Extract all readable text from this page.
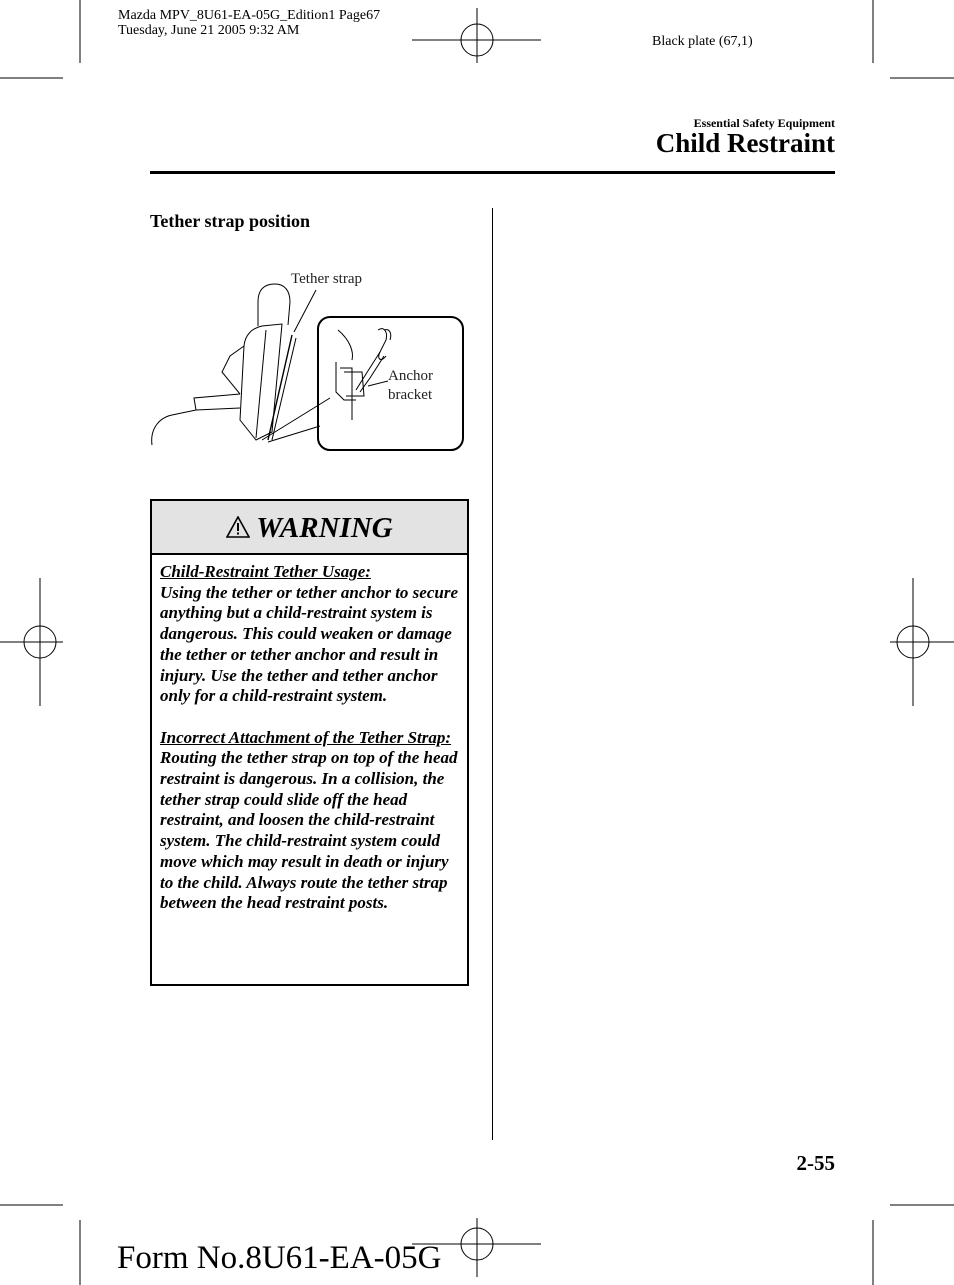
Mazda MPV_8U61-EA-05G_Edition1 Page67
Tuesday, June 21 2005 9:32 AM
Black plate (67,1)
Essential Safety Equipment
Child Restraint
Tether strap position
Tether strap
Anchor
bracket
WARNING

Child-Restraint Tether Usage:

Using the tether or tether anchor to secure anything but a child-restraint system is dangerous. This could weaken or damage the tether or tether anchor and result in injury. Use the tether and tether anchor only for a child-restraint system.

Incorrect Attachment of the Tether Strap:

Routing the tether strap on top of the head restraint is dangerous. In a collision, the tether strap could slide off the head restraint, and loosen the child-restraint system. The child-restraint system could move which may result in death or injury to the child. Always route the tether strap between the head restraint posts.

2-55
Form No.8U61-EA-05G
